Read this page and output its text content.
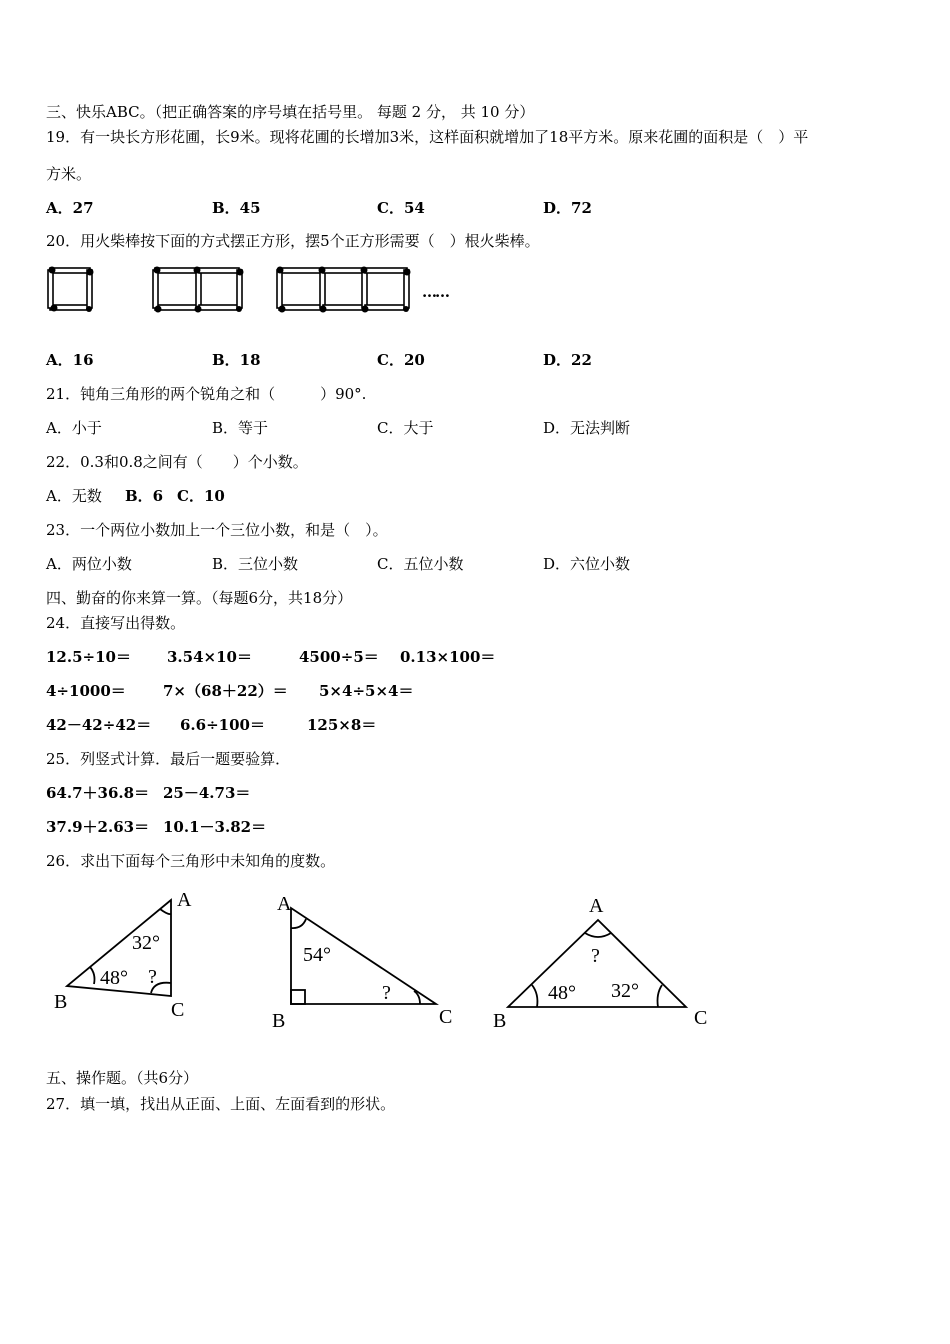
三、快乐ABC。（把正确答案的序号填在括号里。 每题 2 分， 共 10 分）
19．有一块长方形花圃，长9米。现将花圃的长增加3米，这样面积就增加了18平方米。原来花圃的面积是（　）平
方米。
A．27	B．45	C．54	D．72
20．用火柴棒按下面的方式摆正方形，摆5个正方形需要（　）根火柴棒。
……
A．16	B．18	C．20	D．22
21．钝角三角形的两个锐角之和（　　　）90°.
A．小于	B．等于	C．大于	D．无法判断
22．0.3和0.8之间有（　　）个小数。
A．无数 B．6 C．10
23．一个两位小数加上一个三位小数，和是（　）。
A．两位小数	B．三位小数	C．五位小数	D．六位小数
四、勤奋的你来算一算。（每题6分，共18分）
24．直接写出得数。
12.5÷10＝ 3.54×10＝	4500÷5＝ 0.13×100＝
4÷1000＝ 7×（68＋22）＝ 5×4÷5×4＝
42－42÷42＝ 6.6÷100＝	125×8＝
25．列竖式计算．最后一题要验算．
64.7＋36.8＝ 25－4.73＝
37.9＋2.63＝ 10.1－3.82＝
26．求出下面每个三角形中未知角的度数。
A
B	C
32°
48° ?
A
B	C
54°
?
A
B	C
48° 32°
?
五、操作题。（共6分）
27．填一填，找出从正面、上面、左面看到的形状。
